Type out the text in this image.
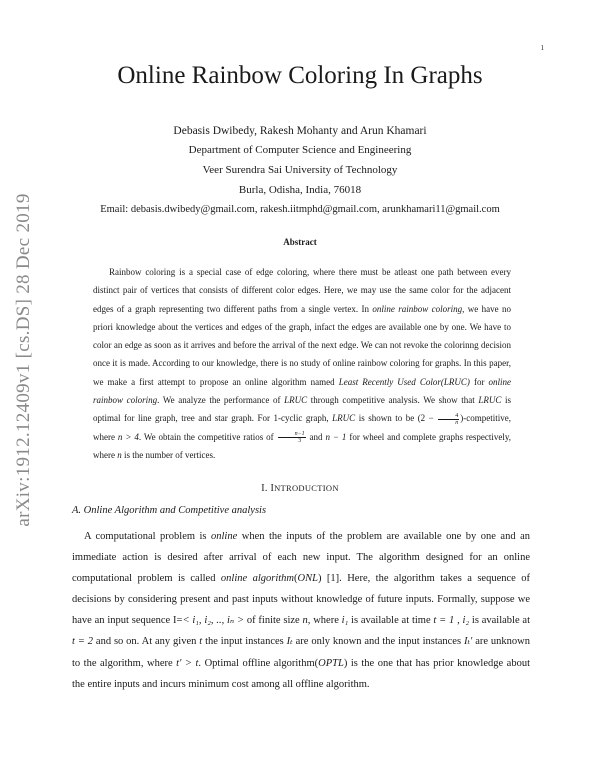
1
arXiv:1912.12409v1 [cs.DS] 28 Dec 2019
Online Rainbow Coloring In Graphs
Debasis Dwibedy, Rakesh Mohanty and Arun Khamari
Department of Computer Science and Engineering
Veer Surendra Sai University of Technology
Burla, Odisha, India, 76018
Email: debasis.dwibedy@gmail.com, rakesh.iitmphd@gmail.com, arunkhamari11@gmail.com
Abstract

Rainbow coloring is a special case of edge coloring, where there must be atleast one path between every distinct pair of vertices that consists of different color edges. Here, we may use the same color for the adjacent edges of a graph representing two different paths from a single vertex. In online rainbow coloring, we have no priori knowledge about the vertices and edges of the graph, infact the edges are available one by one. We have to color an edge as soon as it arrives and before the arrival of the next edge. We can not revoke the colorinng decision once it is made. According to our knowledge, there is no study of online rainbow coloring for graphs. In this paper, we make a first attempt to propose an online algorithm named Least Recently Used Color(LRUC) for online rainbow coloring. We analyze the performance of LRUC through competitive analysis. We show that LRUC is optimal for line graph, tree and star graph. For 1-cyclic graph, LRUC is shown to be ($2 - \frac{4}{n}$ )-competitive, where n > 4. We obtain the competitive ratios of $\frac{n-1}{3}$ and n − 1 for wheel and complete graphs respectively, where n is the number of vertices.

I. INTRODUCTION
A. Online Algorithm and Competitive analysis

A computational problem is online when the inputs of the problem are available one by one and an immediate action is desired after arrival of each new input. The algorithm designed for an online computational problem is called online algorithm(ONL) [1]. Here, the algorithm takes a sequence of decisions by considering present and past inputs without knowledge of future inputs. Formally, suppose we have an input sequence I=< i₁, i₂, .., iₙ > of finite size n, where i₁ is available at time t = 1 , i₂ is available at t = 2 and so on. At any given t the input instances Iₜ are only known and the input instances Iₜ′ are unknown to the algorithm, where t′ > t. Optimal offline algorithm(OPTL) is the one that has prior knowledge about the entire inputs and incurs minimum cost among all offline algorithm.
